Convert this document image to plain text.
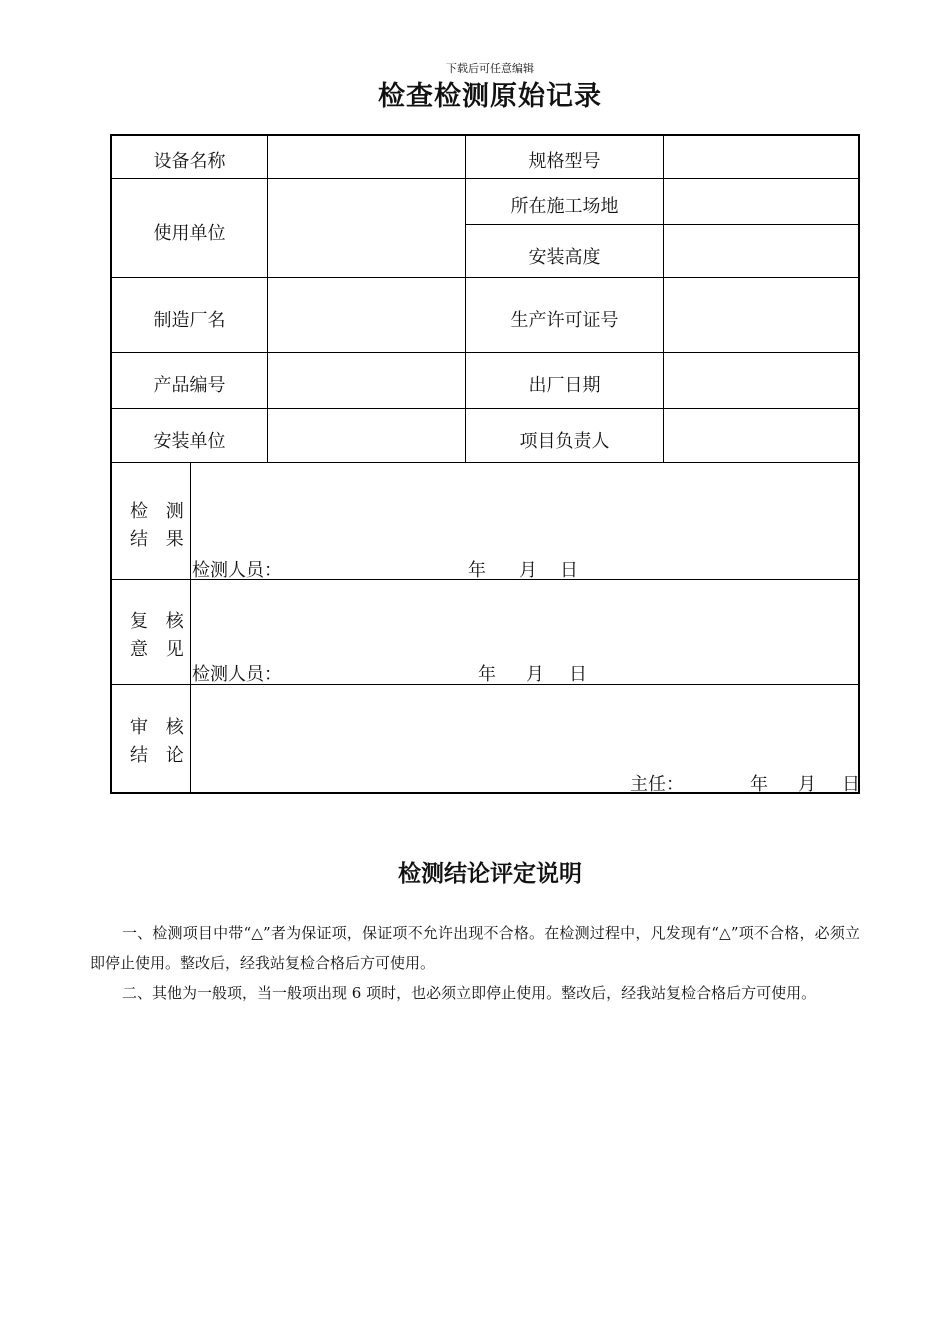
下载后可任意编辑
检查检测原始记录
设备名称	规格型号
使用单位
所在施工场地
安装高度
制造厂名	生产许可证号
产品编号	出厂日期
安装单位	项目负责人
检 测
结 果
检测人员：	年 月 日
复 核
意 见
检测人员：	年 月 日
审 核
结 论
主任：	年 月 日
检测结论评定说明
一、检测项目中带“△”者为保证项，保证项不允许出现不合格。在检测过程中，凡发现有“△”项不合格，必须立即停止使用。整改后，经我站复检合格后方可使用。
二、其他为一般项，当一般项出现 6 项时，也必须立即停止使用。整改后，经我站复检合格后方可使用。
